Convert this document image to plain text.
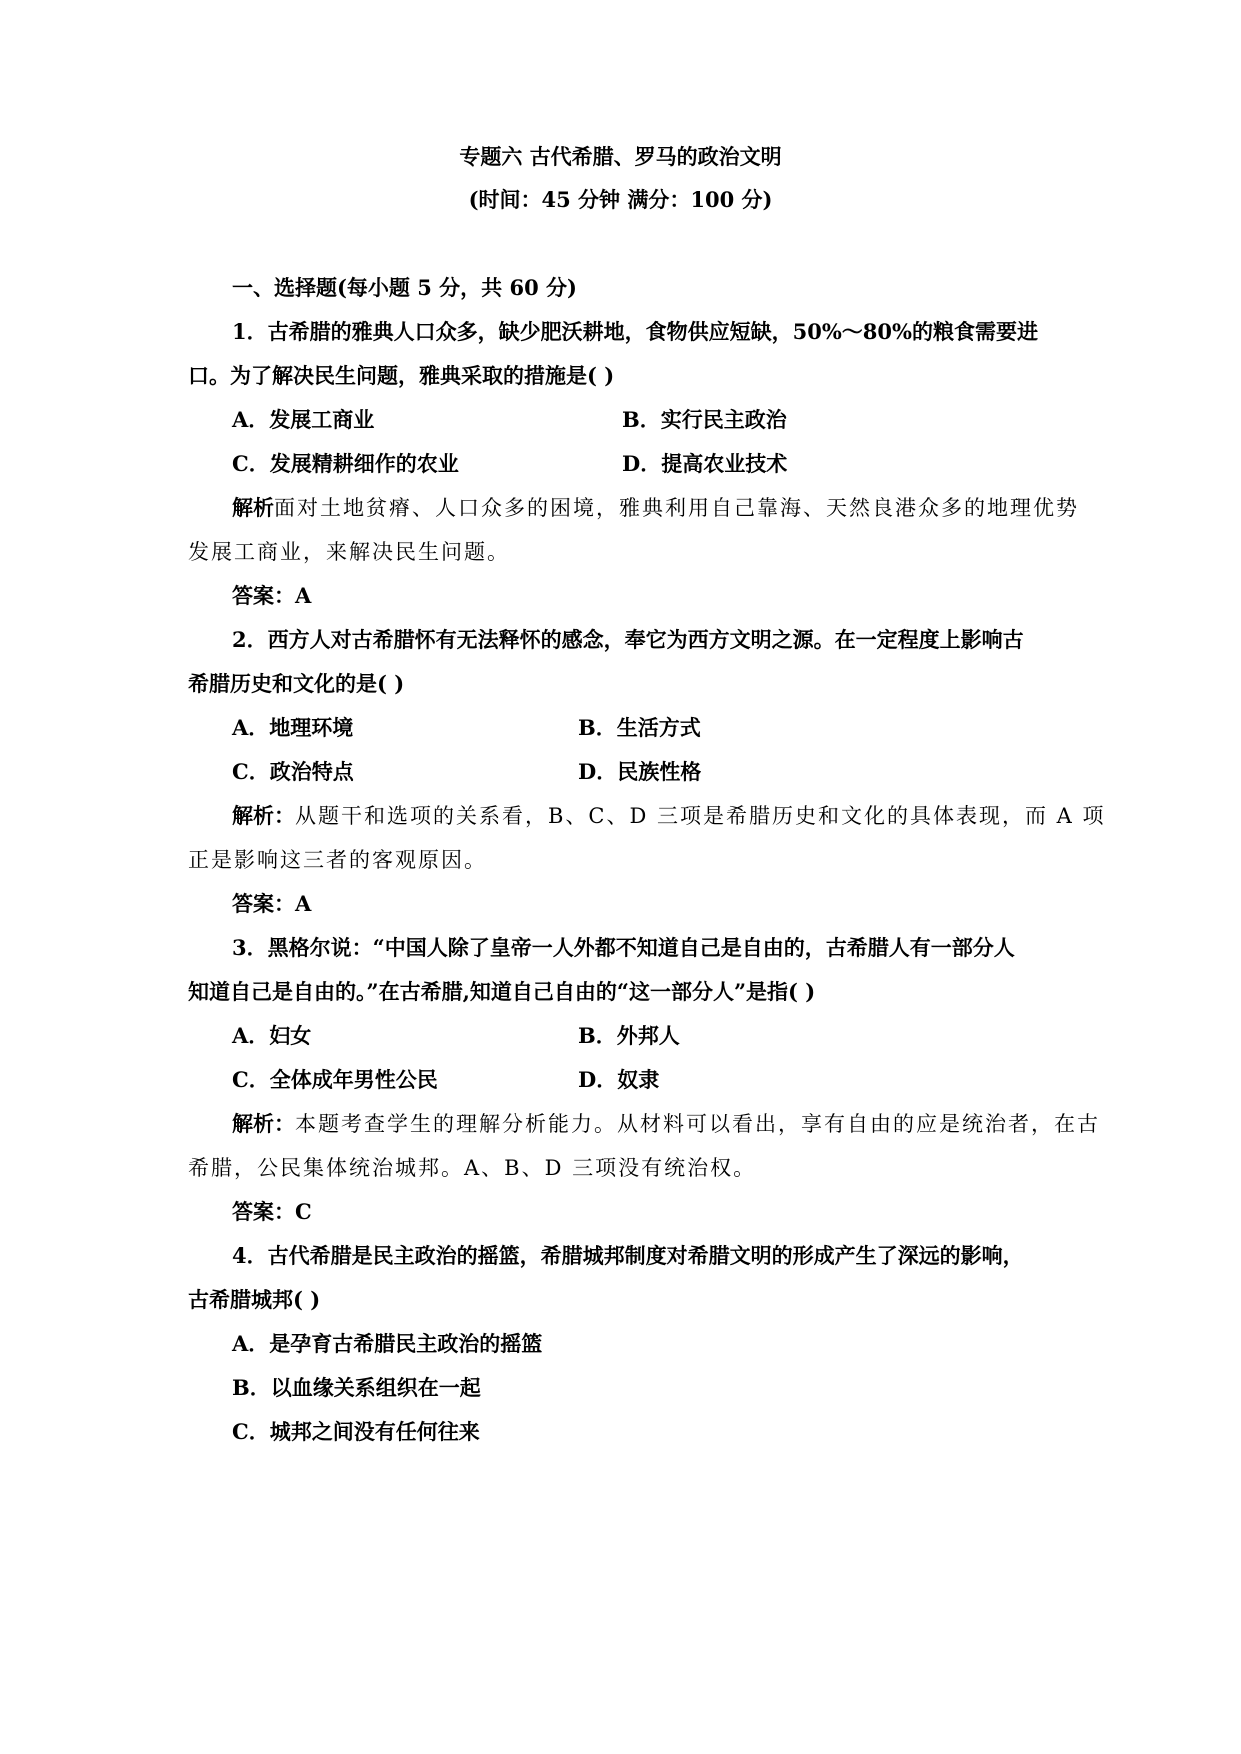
专题六 古代希腊、罗马的政治文明
(时间：45 分钟 满分：100 分)
一、选择题(每小题 5 分，共 60 分)
1．古希腊的雅典人口众多，缺少肥沃耕地，食物供应短缺，50%～80%的粮食需要进
口。为了解决民生问题，雅典采取的措施是( )
A．发展工商业	B．实行民主政治
C．发展精耕细作的农业	D．提高农业技术
解析面对土地贫瘠、人口众多的困境，雅典利用自己靠海、天然良港众多的地理优势
发展工商业，来解决民生问题。
答案：A
2．西方人对古希腊怀有无法释怀的感念，奉它为西方文明之源。在一定程度上影响古
希腊历史和文化的是( )
A．地理环境	B．生活方式
C．政治特点	D．民族性格
解析：从题干和选项的关系看，B、C、D 三项是希腊历史和文化的具体表现，而 A 项
正是影响这三者的客观原因。
答案：A
3．黑格尔说：“中国人除了皇帝一人外都不知道自己是自由的，古希腊人有一部分人
知道自己是自由的。”在古希腊,知道自己自由的“这一部分人”是指( )
A．妇女	B．外邦人
C．全体成年男性公民	D．奴隶
解析：本题考查学生的理解分析能力。从材料可以看出，享有自由的应是统治者，在古
希腊，公民集体统治城邦。A、B、D 三项没有统治权。
答案：C
4．古代希腊是民主政治的摇篮，希腊城邦制度对希腊文明的形成产生了深远的影响，
古希腊城邦( )
A．是孕育古希腊民主政治的摇篮
B．以血缘关系组织在一起
C．城邦之间没有任何往来
